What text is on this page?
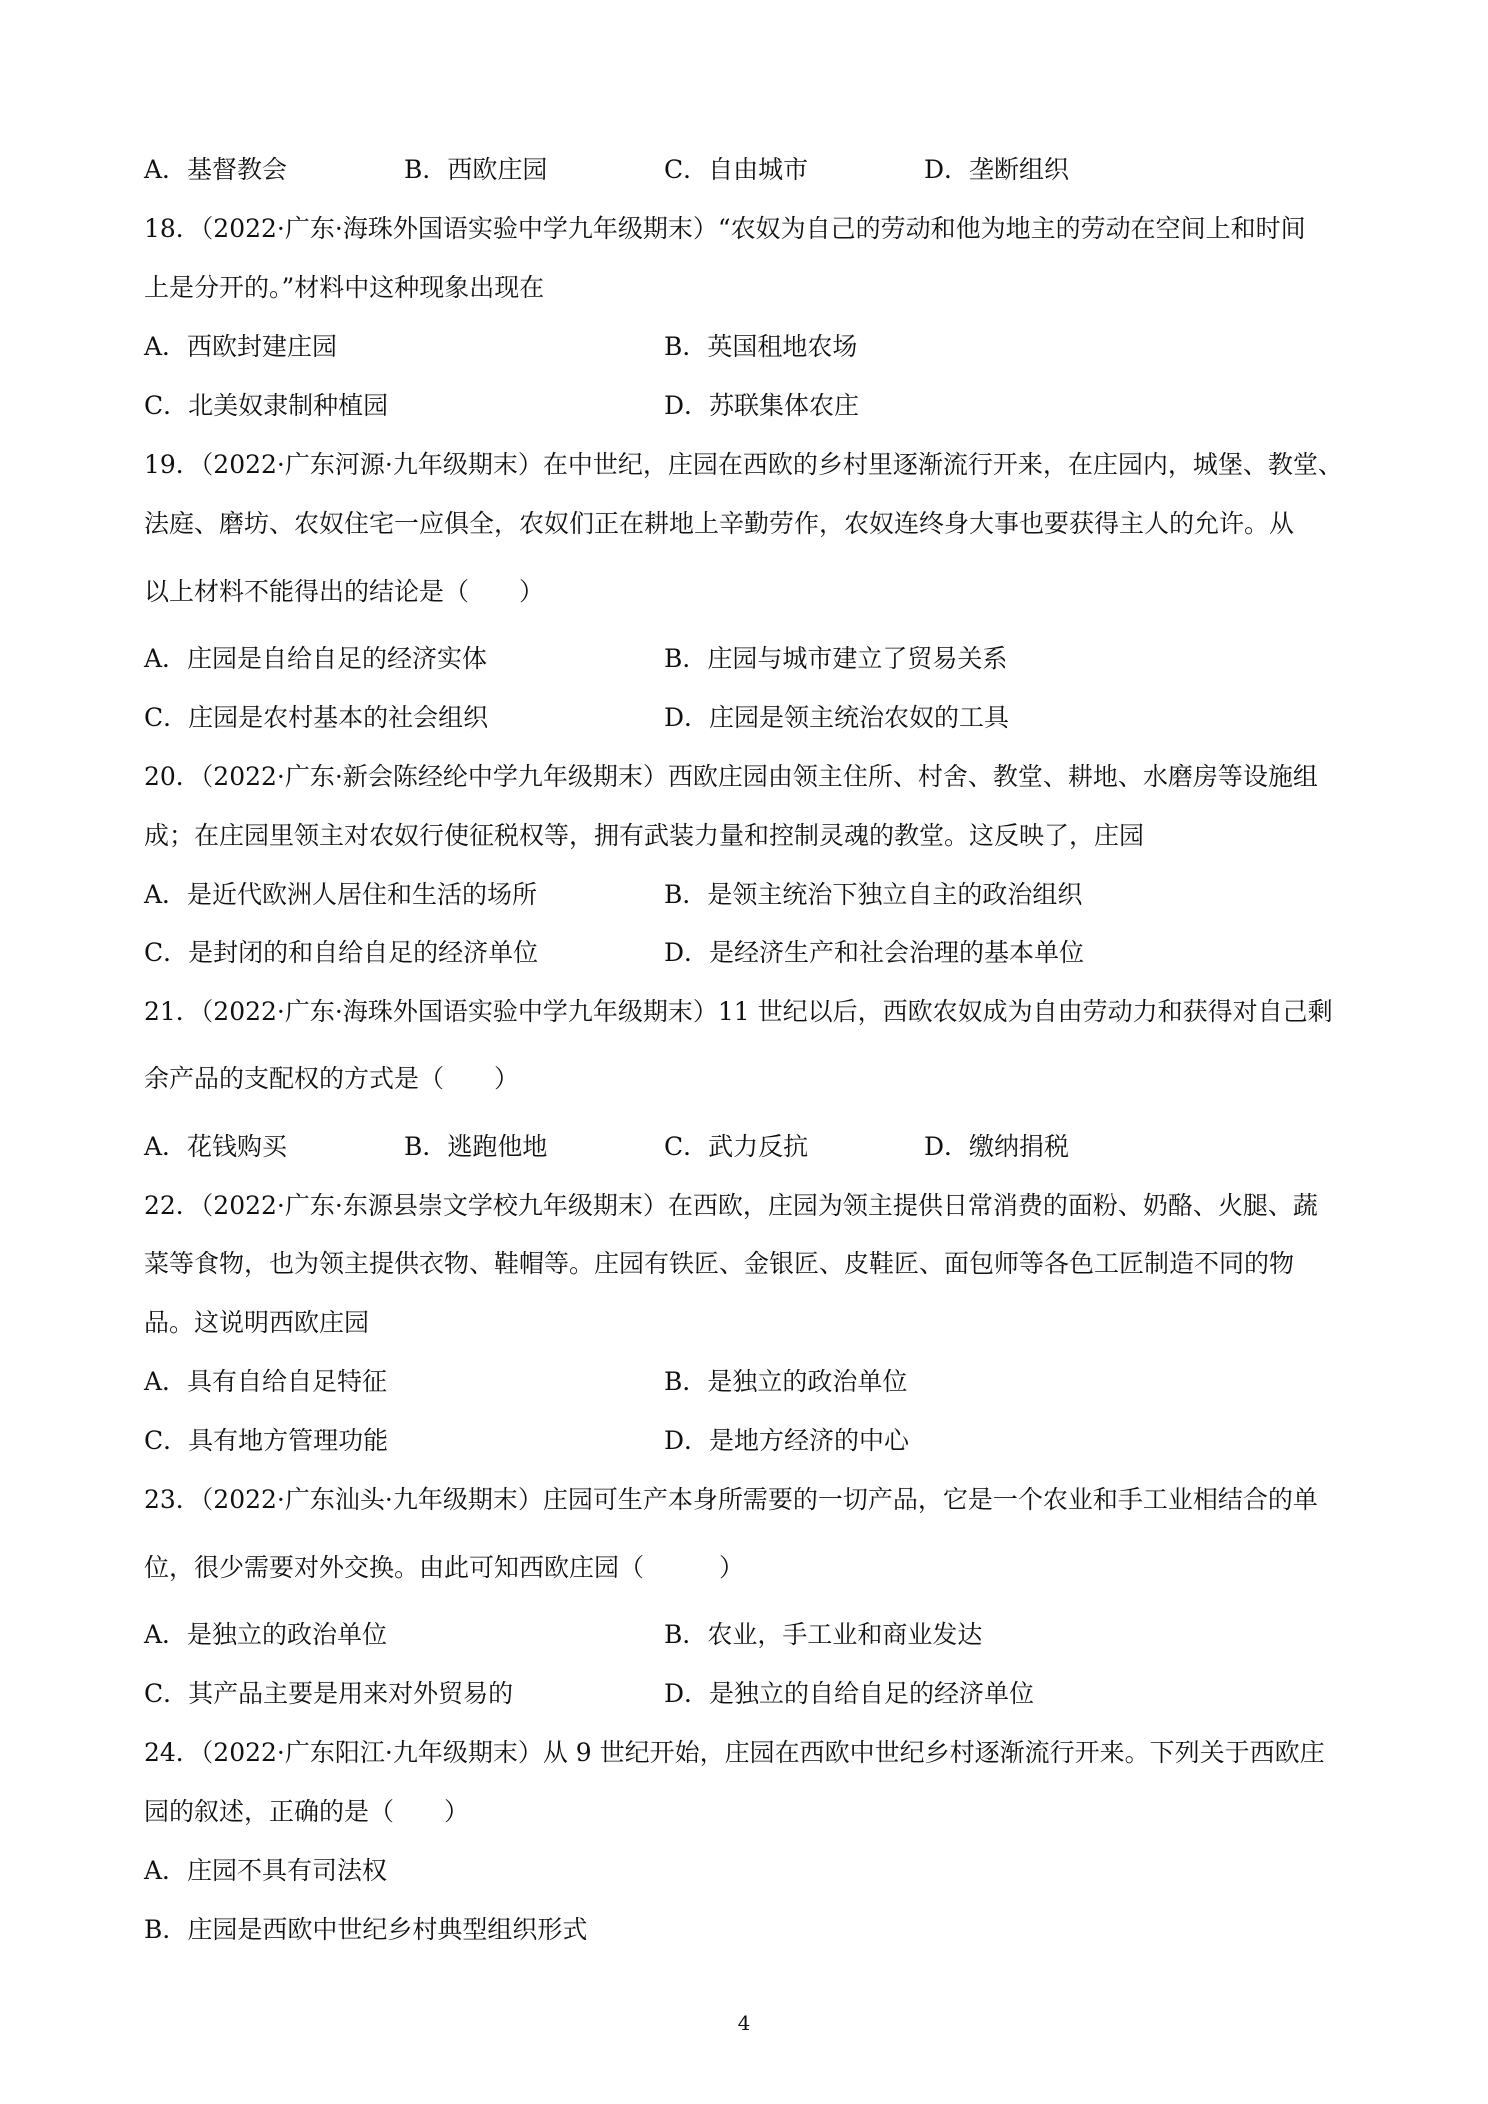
A．基督教会	B．西欧庄园	C．自由城市	D．垄断组织
18．（2022·广东·海珠外国语实验中学九年级期末）“农奴为自己的劳动和他为地主的劳动在空间上和时间
上是分开的。”材料中这种现象出现在
A．西欧封建庄园	B．英国租地农场
C．北美奴隶制种植园	D．苏联集体农庄
19．（2022·广东河源·九年级期末）在中世纪，庄园在西欧的乡村里逐渐流行开来，在庄园内，城堡、教堂、
法庭、磨坊、农奴住宅一应俱全，农奴们正在耕地上辛勤劳作，农奴连终身大事也要获得主人的允许。从
以上材料不能得出的结论是（　　）
A．庄园是自给自足的经济实体	B．庄园与城市建立了贸易关系
C．庄园是农村基本的社会组织	D．庄园是领主统治农奴的工具
20．（2022·广东·新会陈经纶中学九年级期末）西欧庄园由领主住所、村舍、教堂、耕地、水磨房等设施组
成；在庄园里领主对农奴行使征税权等，拥有武装力量和控制灵魂的教堂。这反映了，庄园
A．是近代欧洲人居住和生活的场所	B．是领主统治下独立自主的政治组织
C．是封闭的和自给自足的经济单位	D．是经济生产和社会治理的基本单位
21．（2022·广东·海珠外国语实验中学九年级期末）11 世纪以后，西欧农奴成为自由劳动力和获得对自己剩
余产品的支配权的方式是（　　）
A．花钱购买	B．逃跑他地	C．武力反抗	D．缴纳捐税
22．（2022·广东·东源县崇文学校九年级期末）在西欧，庄园为领主提供日常消费的面粉、奶酪、火腿、蔬
菜等食物，也为领主提供衣物、鞋帽等。庄园有铁匠、金银匠、皮鞋匠、面包师等各色工匠制造不同的物
品。这说明西欧庄园
A．具有自给自足特征	B．是独立的政治单位
C．具有地方管理功能	D．是地方经济的中心
23．（2022·广东汕头·九年级期末）庄园可生产本身所需要的一切产品，它是一个农业和手工业相结合的单
位，很少需要对外交换。由此可知西欧庄园（　　　）
A．是独立的政治单位	B．农业，手工业和商业发达
C．其产品主要是用来对外贸易的	D．是独立的自给自足的经济单位
24．（2022·广东阳江·九年级期末）从 9 世纪开始，庄园在西欧中世纪乡村逐渐流行开来。下列关于西欧庄
园的叙述，正确的是（　　）
A．庄园不具有司法权
B．庄园是西欧中世纪乡村典型组织形式
4
